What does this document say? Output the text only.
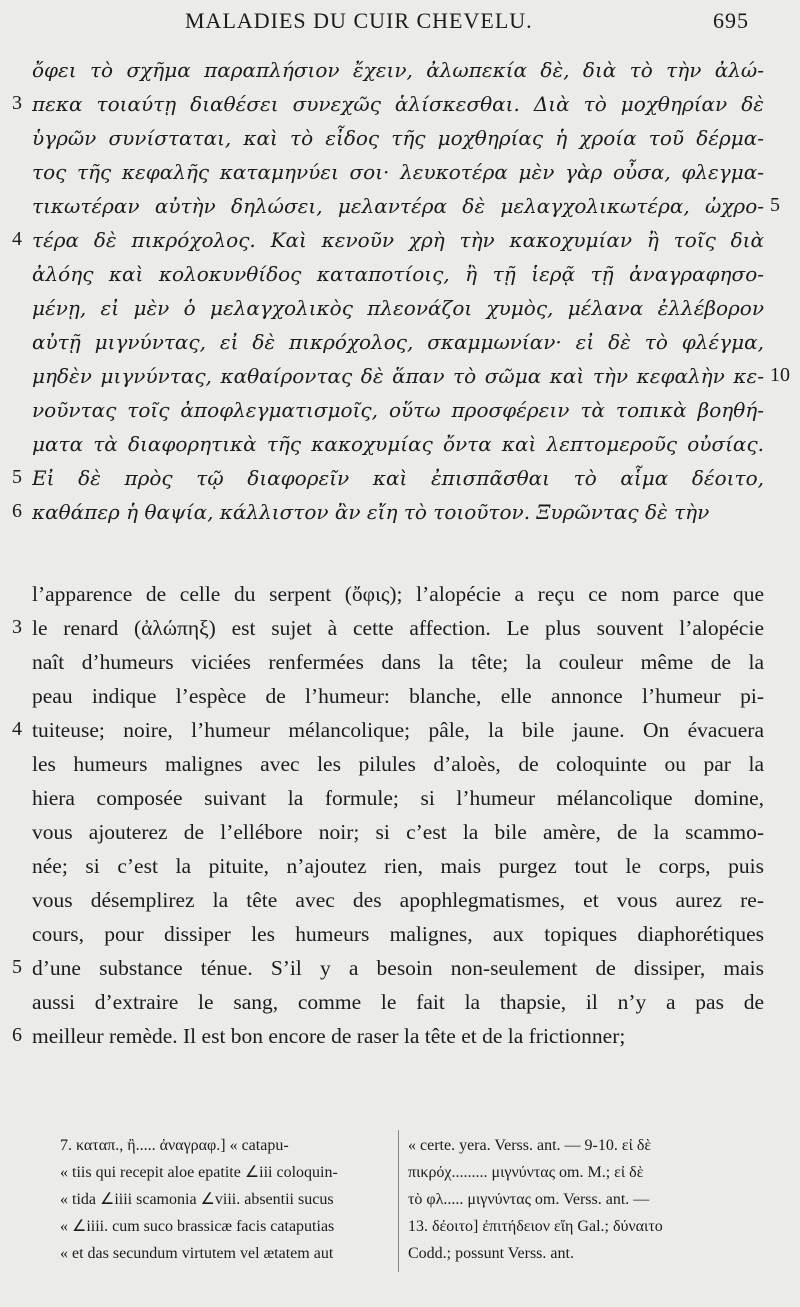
MALADIES DU CUIR CHEVELU.	695
ὄφει τὸ σχῆμα παραπλήσιον ἔχειν, ἀλωπεκία δὲ, διὰ τὸ τὴν ἀλώ-
πεκα τοιαύτῃ διαθέσει συνεχῶς ἁλίσκεσθαι. Διὰ τὸ μοχθηρίαν δὲ
ὑγρῶν συνίσταται, καὶ τὸ εἶδος τῆς μοχθηρίας ἡ χροία τοῦ δέρμα-
τος τῆς κεφαλῆς καταμηνύει σοι· λευκοτέρα μὲν γὰρ οὖσα, φλεγμα-
τικωτέραν αὐτὴν δηλώσει, μελαντέρα δὲ μελαγχολικωτέρα, ὠχρο-
τέρα δὲ πικρόχολος. Καὶ κενοῦν χρὴ τὴν κακοχυμίαν ἢ τοῖς διὰ
ἀλόης καὶ κολοκυνθίδος καταποτίοις, ἢ τῇ ἱερᾷ τῇ ἀναγραφησο-
μένῃ, εἰ μὲν ὁ μελαγχολικὸς πλεονάζοι χυμὸς, μέλανα ἐλλέβορον
αὐτῇ μιγνύντας, εἰ δὲ πικρόχολος, σκαμμωνίαν· εἰ δὲ τὸ φλέγμα,
μηδὲν μιγνύντας, καθαίροντας δὲ ἅπαν τὸ σῶμα καὶ τὴν κεφαλὴν κε-
νοῦντας τοῖς ἀποφλεγματισμοῖς, οὕτω προσφέρειν τὰ τοπικὰ βοηθή-
ματα τὰ διαφορητικὰ τῆς κακοχυμίας ὄντα καὶ λεπτομεροῦς οὐσίας.
Εἰ δὲ πρὸς τῷ διαφορεῖν καὶ ἐπισπᾶσθαι τὸ αἷμα δέοιτο,
καθάπερ ἡ θαψία, κάλλιστον ἂν εἴη τὸ τοιοῦτον. Ξυρῶντας δὲ τὴν
3
4
5
6
5
10
l’apparence de celle du serpent (ὄφις); l’alopécie a reçu ce nom parce que
le renard (ἀλώπηξ) est sujet à cette affection. Le plus souvent l’alopécie
naît d’humeurs viciées renfermées dans la tête; la couleur même de la
peau indique l’espèce de l’humeur: blanche, elle annonce l’humeur pi-
tuiteuse; noire, l’humeur mélancolique; pâle, la bile jaune. On évacuera
les humeurs malignes avec les pilules d’aloès, de coloquinte ou par la
hiera composée suivant la formule; si l’humeur mélancolique domine,
vous ajouterez de l’ellébore noir; si c’est la bile amère, de la scammo-
née; si c’est la pituite, n’ajoutez rien, mais purgez tout le corps, puis
vous désemplirez la tête avec des apophlegmatismes, et vous aurez re-
cours, pour dissiper les humeurs malignes, aux topiques diaphorétiques
d’une substance ténue. S’il y a besoin non-seulement de dissiper, mais
aussi d’extraire le sang, comme le fait la thapsie, il n’y a pas de
meilleur remède. Il est bon encore de raser la tête et de la frictionner;
3
4
5
6
7. καταπ., ἢ..... ἀναγραφ.] « catapu-
« tiis qui recepit aloe epatite ∠iii coloquin-
« tida ∠iiii scamonia ∠viii. absentii sucus
« ∠iiii. cum suco brassicæ facis cataputias
« et das secundum virtutem vel ætatem aut
« certe. yera. Verss. ant. — 9-10. εἰ δὲ
πικρόχ......... μιγνύντας om. M.; εἰ δὲ
τὸ φλ..... μιγνύντας om. Verss. ant. —
13. δέοιτο] ἐπιτήδειον εἴη Gal.; δύναιτο
Codd.; possunt Verss. ant.
